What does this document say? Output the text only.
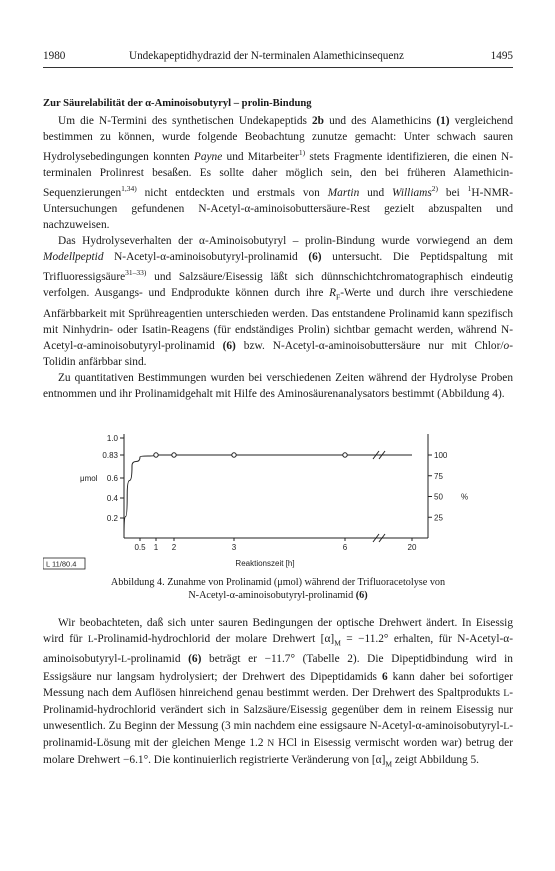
1980	Undekapeptidhydrazid der N-terminalen Alamethicinsequenz	1495
Zur Säurelabilität der α-Aminoisobutyryl – prolin-Bindung

Um die N-Termini des synthetischen Undekapeptids 2b und des Alamethicins (1) vergleichend bestimmen zu können, wurde folgende Beobachtung zunutze gemacht: Unter schwach sauren Hydrolysebedingungen konnten Payne und Mitarbeiter$^{1)}$ stets Fragmente identifizieren, die einen N-terminalen Prolinrest besaßen. Es sollte daher möglich sein, den bei früheren Alamethicin-Sequenzierungen$^{1,34)}$ nicht entdeckten und erstmals von Martin und Williams$^{2)}$ bei $^1$H-NMR-Untersuchungen gefundenen N-Acetyl-α-aminoisobuttersäure-Rest gezielt abzuspalten und nachzuweisen.

Das Hydrolyseverhalten der α-Aminoisobutyryl – prolin-Bindung wurde vorwiegend an dem Modellpeptid N-Acetyl-α-aminoisobutyryl-prolinamid (6) untersucht. Die Peptidspaltung mit Trifluoressigsäure$^{31-33)}$ und Salzsäure/Eisessig läßt sich dünnschichtchromatographisch eindeutig verfolgen. Ausgangs- und Endprodukte können durch ihre $R_F$-Werte und durch ihre verschiedene Anfärbbarkeit mit Sprühreagentien unterschieden werden. Das entstandene Prolinamid kann spezifisch mit Ninhydrin- oder Isatin-Reagens (für endständiges Prolin) sichtbar gemacht werden, während N-Acetyl-α-aminoisobutyryl-prolinamid (6) bzw. N-Acetyl-α-aminoisobuttersäure nur mit Chlor/o-Tolidin anfärbbar sind.

Zu quantitativen Bestimmungen wurden bei verschiedenen Zeiten während der Hydrolyse Proben entnommen und ihr Prolinamidgehalt mit Hilfe des Aminosäurenanalysators bestimmt (Abbildung 4).

0.2
0.4
0.6
0.83
1.0
μmol
25
50
75
100
%
0.5 1 2	3	6	20
Reaktionszeit [h]
L 11/80.4
Abbildung 4. Zunahme von Prolinamid (μmol) während der Trifluoracetolyse von
N-Acetyl-α-aminoisobutyryl-prolinamid (6)

Wir beobachteten, daß sich unter sauren Bedingungen der optische Drehwert ändert. In Eisessig wird für L-Prolinamid-hydrochlorid der molare Drehwert $[\alpha]_M = -11.2^\circ$ erhalten, für N-Acetyl-α-aminoisobutyryl-L-prolinamid (6) beträgt er −11.7° (Tabelle 2). Die Dipeptidbindung wird in Essigsäure nur langsam hydrolysiert; der Drehwert des Dipeptidamids 6 kann daher bei sofortiger Messung nach dem Auflösen hinreichend genau bestimmt werden. Der Drehwert des Spaltprodukts L-Prolinamid-hydrochlorid verändert sich in Salzsäure/Eisessig gegenüber dem in reinem Eisessig nur unwesentlich. Zu Beginn der Messung (3 min nachdem eine essigsaure N-Acetyl-α-aminoisobutyryl-L-prolinamid-Lösung mit der gleichen Menge 1.2 N HCl in Eisessig vermischt worden war) betrug der molare Drehwert −6.1°. Die kontinuierlich registrierte Veränderung von $[\alpha]_M$ zeigt Abbildung 5.
